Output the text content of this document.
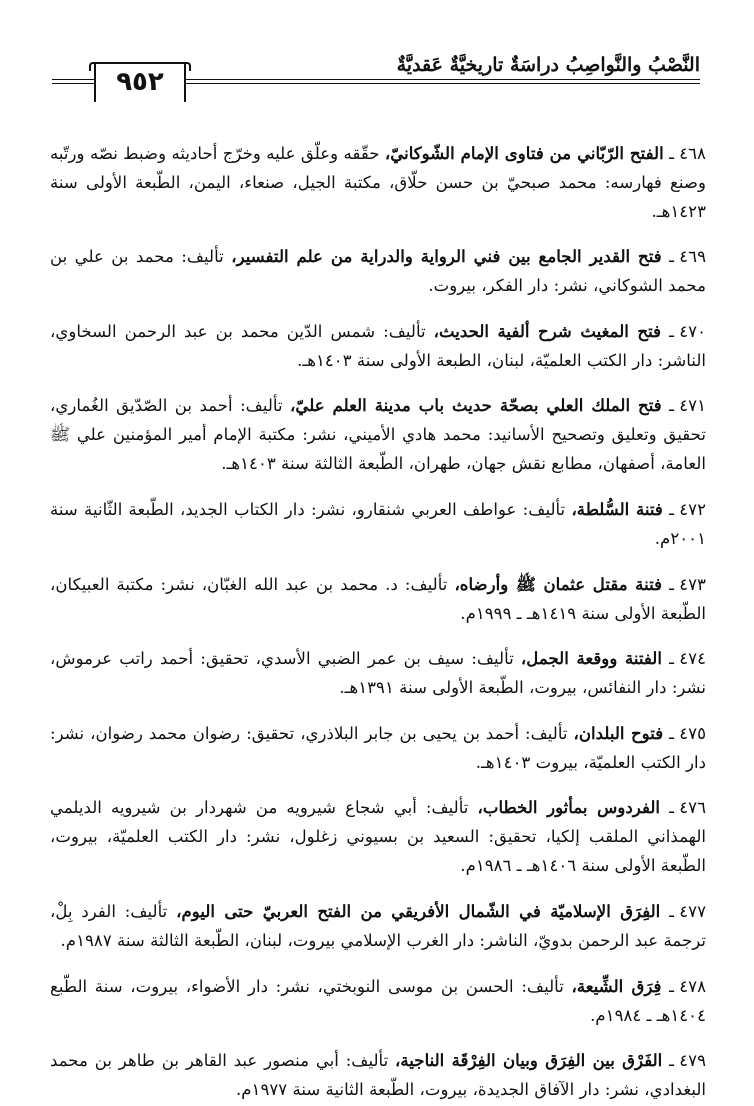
النَّصْبُ والنَّواصِبُ دراسَةٌ تاريخيَّةٌ عَقديَّةٌ
٩٥٢

٤٦٨ ـ الفتح الرّبّاني من فتاوى الإمام الشّوكانيّ، حقّقه وعلّق عليه وخرّج أحاديثه وضبط نصّه ورتّبه وصنع فهارسه: محمد صبحيّ بن حسن حلّاق، مكتبة الجيل، صنعاء، اليمن، الطّبعة الأولى سنة ١٤٢٣هـ.

٤٦٩ ـ فتح القدير الجامع بين فني الرواية والدراية من علم التفسير، تأليف: محمد بن علي بن محمد الشوكاني، نشر: دار الفكر، بيروت.

٤٧٠ ـ فتح المغيث شرح ألفية الحديث، تأليف: شمس الدّين محمد بن عبد الرحمن السخاوي، الناشر: دار الكتب العلميّة، لبنان، الطبعة الأولى سنة ١٤٠٣هـ.

٤٧١ ـ فتح الملك العلي بصحّة حديث باب مدينة العلم عليّ، تأليف: أحمد بن الصّدّيق الغُماري، تحقيق وتعليق وتصحيح الأسانيد: محمد هادي الأميني، نشر: مكتبة الإمام أمير المؤمنين علي ﷺ العامة، أصفهان، مطابع نقش جهان، طهران، الطّبعة الثالثة سنة ١٤٠٣هـ.

٤٧٢ ـ فتنة السُّلطة، تأليف: عواطف العربي شنقارو، نشر: دار الكتاب الجديد، الطّبعة الثّانية سنة ٢٠٠١م.

٤٧٣ ـ فتنة مقتل عثمان ﷺ وأرضاه، تأليف: د. محمد بن عبد الله الغبّان، نشر: مكتبة العبيكان، الطّبعة الأولى سنة ١٤١٩هـ ـ ١٩٩٩م.

٤٧٤ ـ الفتنة ووقعة الجمل، تأليف: سيف بن عمر الضبي الأسدي، تحقيق: أحمد راتب عرموش، نشر: دار النفائس، بيروت، الطّبعة الأولى سنة ١٣٩١هـ.

٤٧٥ ـ فتوح البلدان، تأليف: أحمد بن يحيى بن جابر البلاذري، تحقيق: رضوان محمد رضوان، نشر: دار الكتب العلميّة، بيروت ١٤٠٣هـ.

٤٧٦ ـ الفردوس بمأثور الخطاب، تأليف: أبي شجاع شيرويه من شهردار بن شيرويه الديلمي الهمذاني الملقب إلكيا، تحقيق: السعيد بن بسيوني زغلول، نشر: دار الكتب العلميّة، بيروت، الطّبعة الأولى سنة ١٤٠٦هـ ـ ١٩٨٦م.

٤٧٧ ـ الفِرَق الإسلاميّة في الشّمال الأفريقي من الفتح العربيّ حتى اليوم، تأليف: الفرد بِلْ، ترجمة عبد الرحمن بدويّ، الناشر: دار الغرب الإسلامي بيروت، لبنان، الطّبعة الثالثة سنة ١٩٨٧م.

٤٧٨ ـ فِرَق الشِّيعة، تأليف: الحسن بن موسى النوبختي، نشر: دار الأضواء، بيروت، سنة الطّبع ١٤٠٤هـ ـ ١٩٨٤م.

٤٧٩ ـ الفَرْق بين الفِرَق وبيان الفِرْقَة الناجية، تأليف: أبي منصور عبد القاهر بن طاهر بن محمد البغدادي، نشر: دار الآفاق الجديدة، بيروت، الطّبعة الثانية سنة ١٩٧٧م.
